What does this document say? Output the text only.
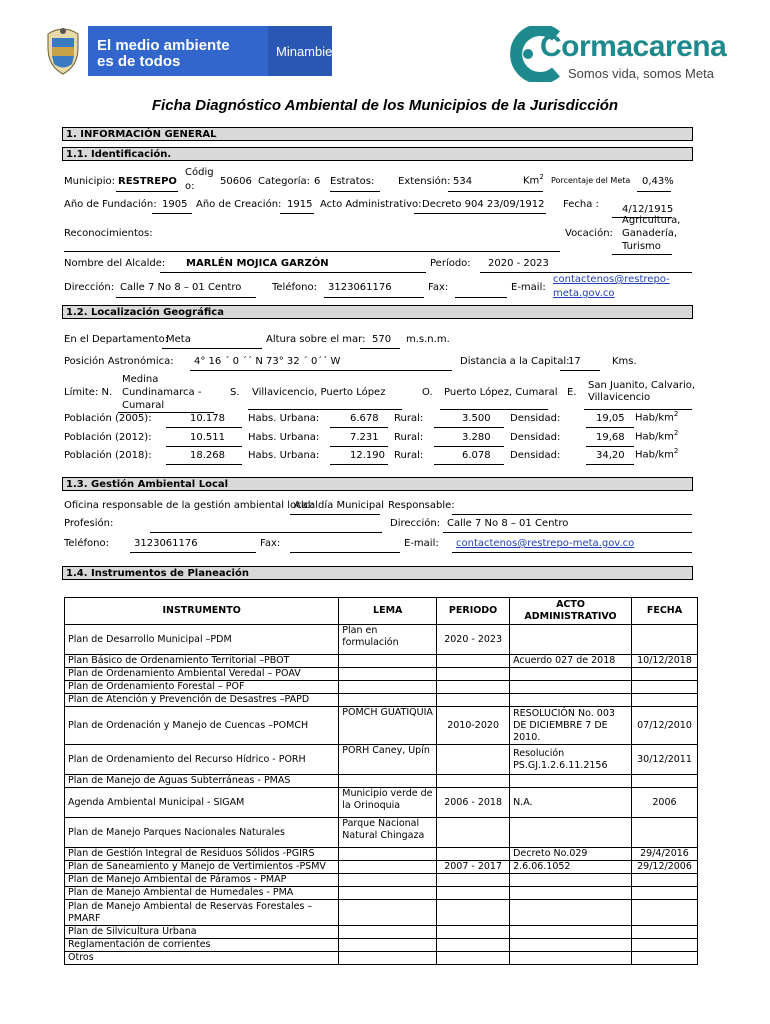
El medio ambiente
es de todos
Minambiente	Cormacarena
Somos vida, somos Meta
Ficha Diagnóstico Ambiental de los Municipios de la Jurisdicción
1. INFORMACIÓN GENERAL
1.1. Identificación.
Municipio: RESTREPO
Códig
o:	50606 Categoría: 6 Estratos: Extensión: 534	Km$^2$ Porcentaje del Meta 0,43%
Año de Fundación: 1905 Año de Creación: 1915 Acto Administrativo: Decreto 904 23/09/1912 Fecha : 4/12/1915
Reconocimientos:	Vocación:
Agricultura,
Ganadería,
Turismo
Nombre del Alcalde: MARLÉN MOJICA GARZÓN	Período: 2020 - 2023
Dirección: Calle 7 No 8 – 01 Centro	Teléfono: 3123061176	Fax:	E-mail:
contactenos@restrepo-
meta.gov.co
1.2. Localización Geográfica
En el Departamento:
Meta	Altura sobre el mar: 570 m.s.n.m.
Posición Astronómica: 4° 16 ´ 0 ´´ N 73° 32 ´ 0´´ W	Distancia a la Capital:
17	Kms.
Límite: N.
Medina
Cundinamarca -
Cumaral
S. Villavicencio, Puerto López	O. Puerto López, Cumaral E.
San Juanito, Calvario,
Villavicencio
Población (2005):	10.178 Habs. Urbana:	6.678 Rural:	3.500 Densidad:	19,05 Hab/$km^2$
Población (2012):	10.511 Habs. Urbana:	7.231 Rural:	3.280 Densidad:	19,68 Hab/$km^2$
Población (2018):	18.268 Habs. Urbana:	12.190 Rural:	6.078 Densidad:	34,20 Hab/$km^2$
1.3. Gestión Ambiental Local
Oficina responsable de la gestión ambiental local:
Alcaldía Municipal Responsable:
Profesión:	Dirección: Calle 7 No 8 – 01 Centro
Teléfono:	3123061176	Fax:	E-mail: contactenos@restrepo-meta.gov.co
1.4. Instrumentos de Planeación
INSTRUMENTO	LEMA	PERIODO	ACTO ADMINISTRATIVO	FECHA
Plan de Desarrollo Municipal –PDM	Plan en formulación	2020 - 2023		
Plan Básico de Ordenamiento Territorial –PBOT			Acuerdo 027 de 2018	10/12/2018
Plan de Ordenamiento Ambiental Veredal – POAV				
Plan de Ordenamiento Forestal – POF				
Plan de Atención y Prevención de Desastres –PAPD				
Plan de Ordenación y Manejo de Cuencas –POMCH	POMCH GUATIQUIA	2010-2020	RESOLUCIÓN No. 003 DE DICIEMBRE 7 DE 2010.	07/12/2010
Plan de Ordenamiento del Recurso Hídrico - PORH	PORH Caney, Upín		Resolución PS.GJ.1.2.6.11.2156	30/12/2011
Plan de Manejo de Aguas Subterráneas - PMAS				
Agenda Ambiental Municipal - SIGAM	Municipio verde de la Orinoquia	2006 - 2018	N.A.	2006
Plan de Manejo Parques Nacionales Naturales	Parque Nacional Natural Chingaza			
Plan de Gestión Integral de Residuos Sólidos -PGIRS			Decreto No.029	29/4/2016
Plan de Saneamiento y Manejo de Vertimientos -PSMV		2007 - 2017	2.6.06.1052	29/12/2006
Plan de Manejo Ambiental de Páramos - PMAP				
Plan de Manejo Ambiental de Humedales - PMA				
Plan de Manejo Ambiental de Reservas Forestales – PMARF				
Plan de Silvicultura Urbana				
Reglamentación de corrientes				
Otros				
